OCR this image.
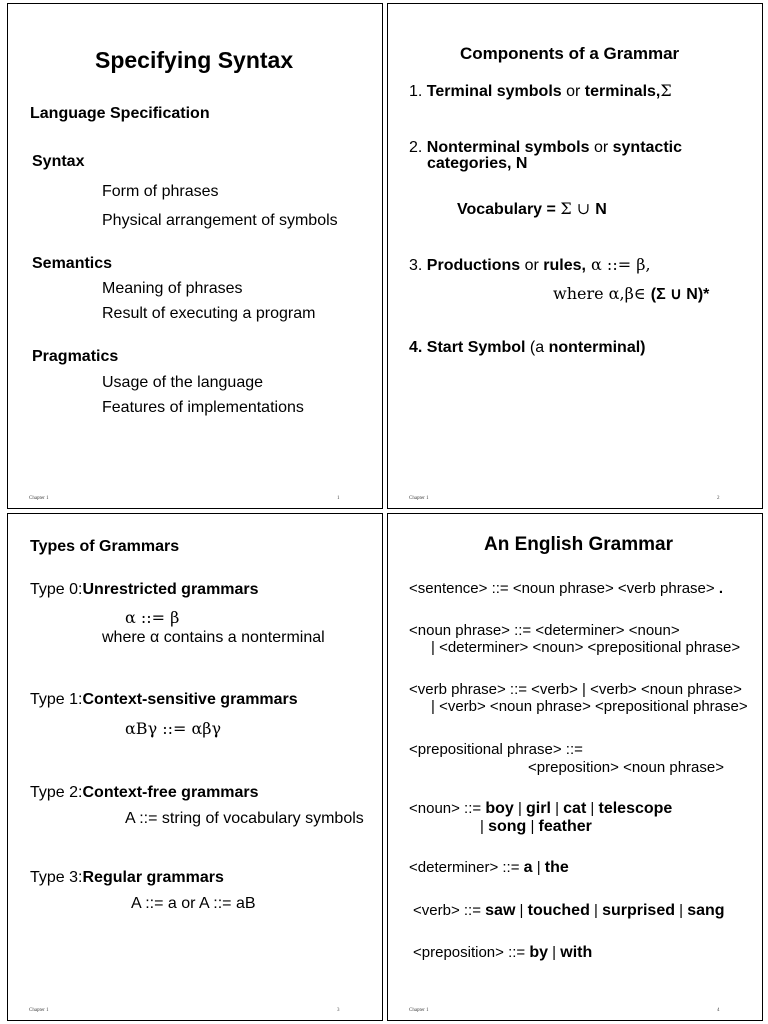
Specifying Syntax
Language Specification
Syntax
Form of phrases
Physical arrangement of symbols
Semantics
Meaning of phrases
Result of executing a program
Pragmatics
Usage of the language
Features of implementations
Chapter 1	1
Components of a Grammar
1. Terminal symbols or terminals,Σ
2. Nonterminal symbols or syntactic
categories, N
Vocabulary = Σ ∪ N
3. Productions or rules, α ::= β,
where α,β∈ (Σ ∪ N)*
4. Start Symbol (a nonterminal)
Chapter 1	2
Types of Grammars
Type 0:Unrestricted grammars
α ::= β
where α contains a nonterminal
Type 1:Context-sensitive grammars
αBγ ::= αβγ
Type 2:Context-free grammars
A ::= string of vocabulary symbols
Type 3:Regular grammars
A ::= a or A ::= aB
Chapter 1	3
An English Grammar
<sentence> ::= <noun phrase> <verb phrase> .
<noun phrase> ::= <determiner> <noun>
| <determiner> <noun> <prepositional phrase>
<verb phrase> ::= <verb> | <verb> <noun phrase>
| <verb> <noun phrase> <prepositional phrase>
<prepositional phrase> ::=
<preposition> <noun phrase>
<noun> ::= boy | girl | cat | telescope
| song | feather
<determiner> ::= a | the
<verb> ::= saw | touched | surprised | sang
<preposition> ::= by | with
Chapter 1	4
